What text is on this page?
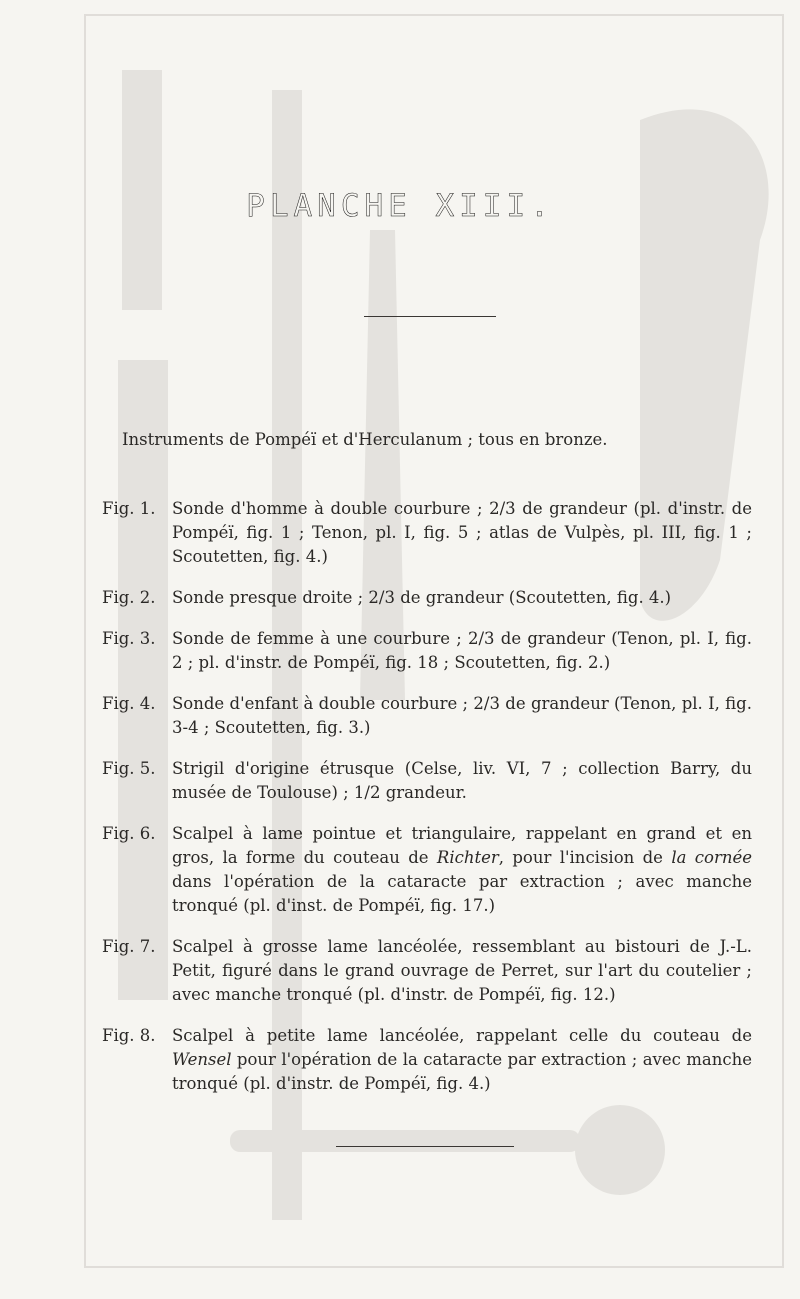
PLANCHE XIII.

Instruments de Pompéï et d'Herculanum ; tous en bronze.

Fig. 1. Sonde d'homme à double courbure ; 2/3 de grandeur (pl. d'instr. de Pompéï, fig. 1 ; Tenon, pl. I, fig. 5 ; atlas de Vulpès, pl. III, fig. 1 ; Scoutetten, fig. 4.)
Fig. 2. Sonde presque droite ; 2/3 de grandeur (Scoutetten, fig. 4.)
Fig. 3. Sonde de femme à une courbure ; 2/3 de grandeur (Tenon, pl. I, fig. 2 ; pl. d'instr. de Pompéï, fig. 18 ; Scoutetten, fig. 2.)
Fig. 4. Sonde d'enfant à double courbure ; 2/3 de grandeur (Tenon, pl. I, fig. 3-4 ; Scoutetten, fig. 3.)
Fig. 5. Strigil d'origine étrusque (Celse, liv. VI, 7 ; collection Barry, du musée de Toulouse) ; 1/2 grandeur.
Fig. 6. Scalpel à lame pointue et triangulaire, rappelant en grand et en gros, la forme du couteau de Richter, pour l'incision de la cornée dans l'opération de la cataracte par extraction ; avec manche tronqué (pl. d'inst. de Pompéï, fig. 17.)
Fig. 7. Scalpel à grosse lame lancéolée, ressemblant au bistouri de J.-L. Petit, figuré dans le grand ouvrage de Perret, sur l'art du coutelier ; avec manche tronqué (pl. d'instr. de Pompéï, fig. 12.)
Fig. 8. Scalpel à petite lame lancéolée, rappelant celle du couteau de Wensel pour l'opération de la cataracte par extraction ; avec manche tronqué (pl. d'instr. de Pompéï, fig. 4.)
